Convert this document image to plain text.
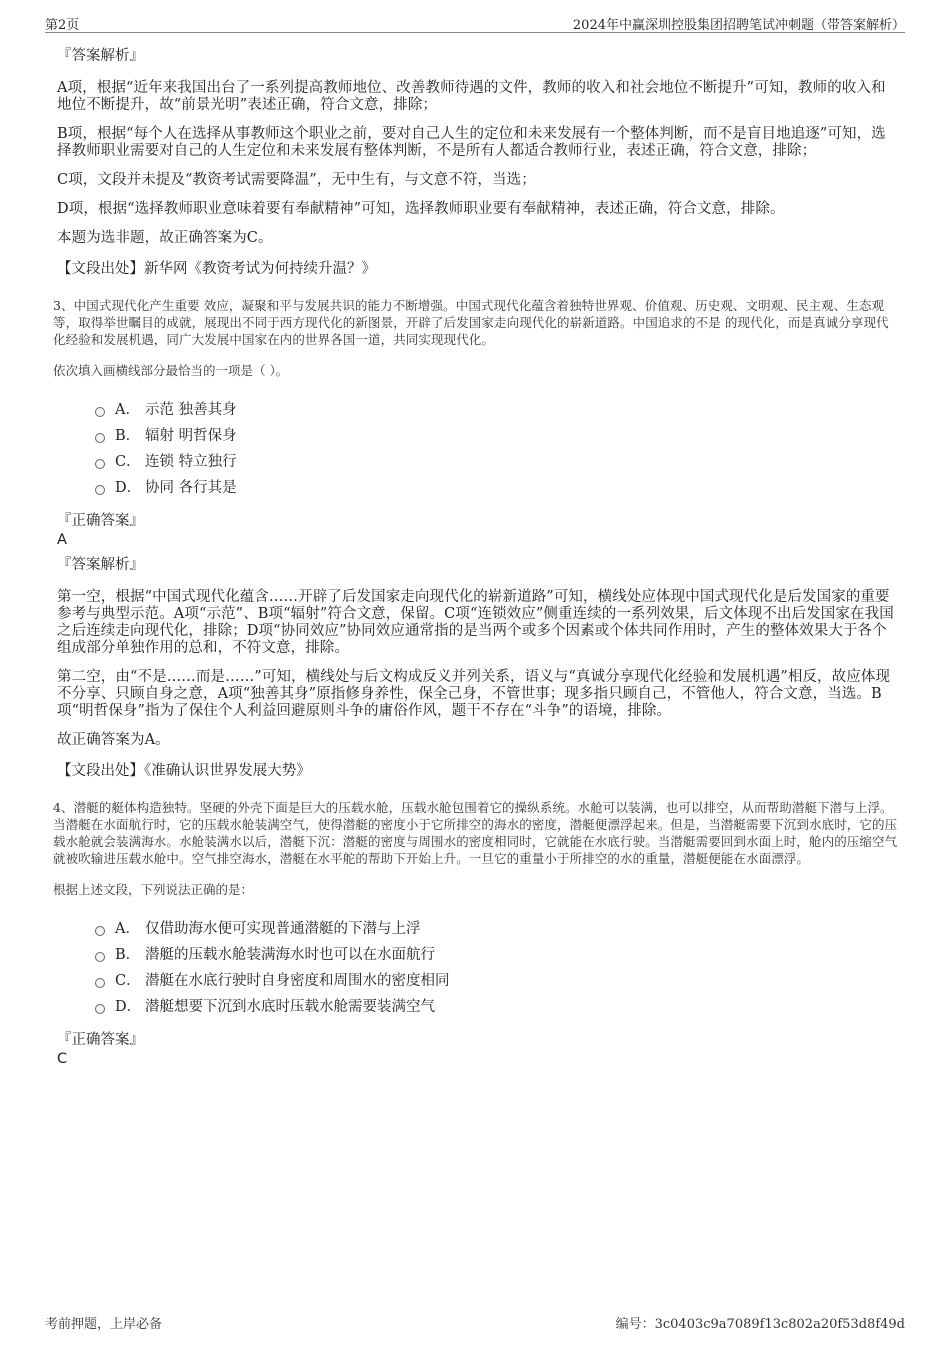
第2页	2024年中赢深圳控股集团招聘笔试冲刺题（带答案解析）
『答案解析』

A项，根据“近年来我国出台了一系列提高教师地位、改善教师待遇的文件，教师的收入和社会地位不断提升”可知，教师的收入和地位不断提升，故“前景光明”表述正确，符合文意，排除；

B项，根据“每个人在选择从事教师这个职业之前，要对自己人生的定位和未来发展有一个整体判断，而不是盲目地追逐”可知，选择教师职业需要对自己的人生定位和未来发展有整体判断，不是所有人都适合教师行业，表述正确，符合文意，排除；

C项，文段并未提及“教资考试需要降温”，无中生有，与文意不符，当选；

D项，根据“选择教师职业意味着要有奉献精神”可知，选择教师职业要有奉献精神，表述正确，符合文意，排除。

本题为选非题，故正确答案为C。

【文段出处】新华网《教资考试为何持续升温？》

3、中国式现代化产生重要 效应，凝聚和平与发展共识的能力不断增强。中国式现代化蕴含着独特世界观、价值观、历史观、文明观、民主观、生态观等，取得举世瞩目的成就，展现出不同于西方现代化的新图景，开辟了后发国家走向现代化的崭新道路。中国追求的不是 的现代化，而是真诚分享现代化经验和发展机遇，同广大发展中国家在内的世界各国一道，共同实现现代化。

依次填入画横线部分最恰当的一项是（ ）。

A． 示范 独善其身
B． 辐射 明哲保身
C． 连锁 特立独行
D． 协同 各行其是
『正确答案』
A
『答案解析』

第一空，根据“中国式现代化蕴含……开辟了后发国家走向现代化的崭新道路”可知，横线处应体现中国式现代化是后发国家的重要参考与典型示范。A项“示范”、B项“辐射”符合文意，保留。C项“连锁效应”侧重连续的一系列效果，后文体现不出后发国家在我国之后连续走向现代化，排除；D项“协同效应”协同效应通常指的是当两个或多个因素或个体共同作用时，产生的整体效果大于各个组成部分单独作用的总和，不符文意，排除。

第二空，由“不是……而是……”可知，横线处与后文构成反义并列关系，语义与“真诚分享现代化经验和发展机遇”相反，故应体现不分享、只顾自身之意，A项“独善其身”原指修身养性，保全己身，不管世事；现多指只顾自己，不管他人，符合文意，当选。B项“明哲保身”指为了保住个人利益回避原则斗争的庸俗作风，题干不存在“斗争”的语境，排除。

故正确答案为A。

【文段出处】《准确认识世界发展大势》

4、潜艇的艇体构造独特。坚硬的外壳下面是巨大的压载水舱，压载水舱包围着它的操纵系统。水舱可以装满，也可以排空，从而帮助潜艇下潜与上浮。当潜艇在水面航行时，它的压载水舱装满空气，使得潜艇的密度小于它所排空的海水的密度，潜艇便漂浮起来。但是，当潜艇需要下沉到水底时，它的压载水舱就会装满海水。水舱装满水以后，潜艇下沉：潜艇的密度与周围水的密度相同时，它就能在水底行驶。当潜艇需要回到水面上时，舱内的压缩空气就被吹输进压载水舱中。空气排空海水，潜艇在水平舵的帮助下开始上升。一旦它的重量小于所排空的水的重量，潜艇便能在水面漂浮。

根据上述文段，下列说法正确的是：

A． 仅借助海水便可实现普通潜艇的下潜与上浮
B． 潜艇的压载水舱装满海水时也可以在水面航行
C． 潜艇在水底行驶时自身密度和周围水的密度相同
D． 潜艇想要下沉到水底时压载水舱需要装满空气
『正确答案』
C
考前押题，上岸必备	编号：3c0403c9a7089f13c802a20f53d8f49d
